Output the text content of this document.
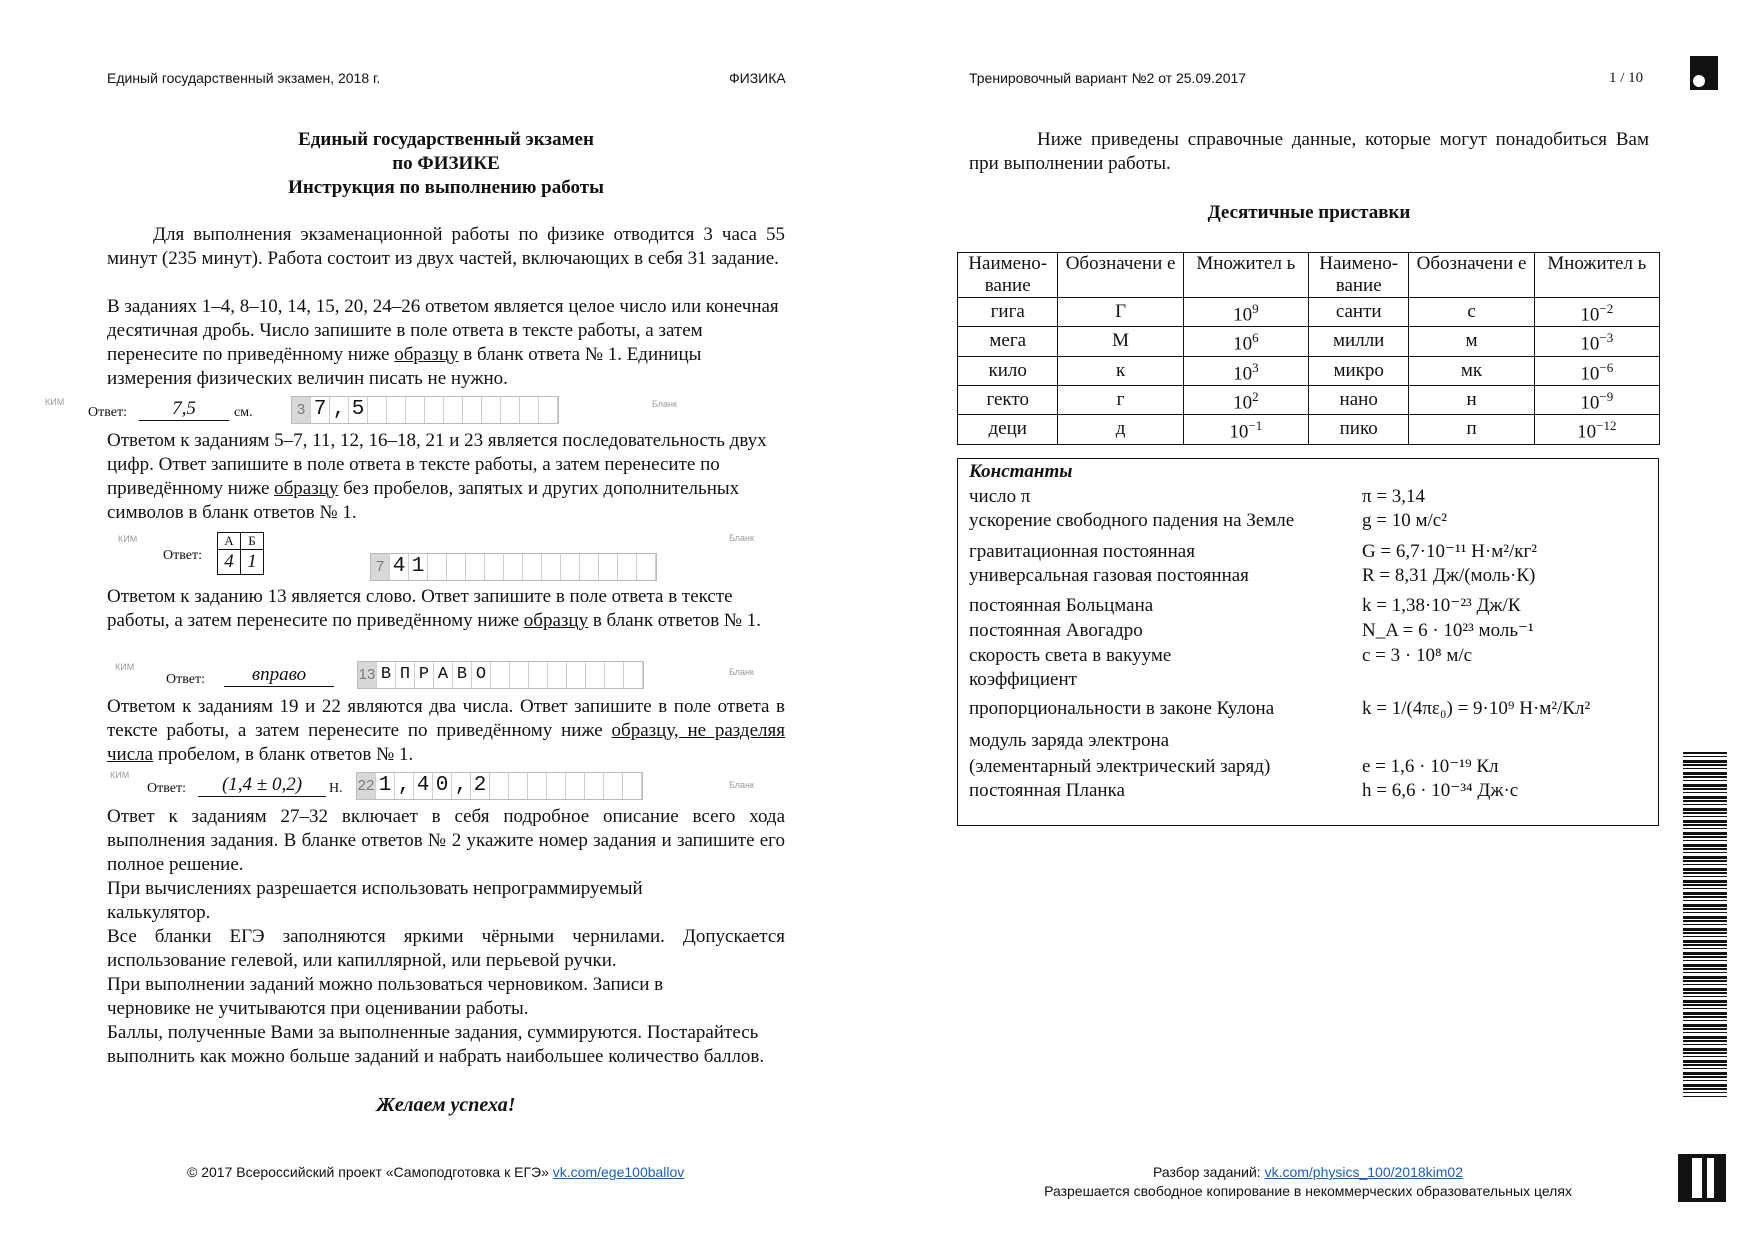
Единый государственный экзамен, 2018 г.	ФИЗИКА	Тренировочный вариант №2 от 25.09.2017	1 / 10
Единый государственный экзамен
по ФИЗИКЕ
Инструкция по выполнению работы
Для выполнения экзаменационной работы по физике отводится 3 часа 55 минут (235 минут). Работа состоит из двух частей, включающих в себя 31 задание.
В заданиях 1–4, 8–10, 14, 15, 20, 24–26 ответом является целое число или конечная десятичная дробь. Число запишите в поле ответа в тексте работы, а затем перенесите по приведённому ниже образцу в бланк ответа № 1. Единицы измерения физических величин писать не нужно.
КИМ
Ответ:	7,5	см.	3 7 , 5	Бланк
Ответом к заданиям 5–7, 11, 12, 16–18, 21 и 23 является последовательность двух цифр. Ответ запишите в поле ответа в тексте работы, а затем перенесите по приведённому ниже образцу без пробелов, запятых и других дополнительных символов в бланк ответов № 1.
КИМ
Ответ:
А	Б
4	1	7 4 1
Бланк
Ответом к заданию 13 является слово. Ответ запишите в поле ответа в тексте работы, а затем перенесите по приведённому ниже образцу в бланк ответов № 1.
КИМ
Ответ:	вправо	13 В П Р А В О	Бланк
Ответом к заданиям 19 и 22 являются два числа. Ответ запишите в поле ответа в тексте работы, а затем перенесите по приведённому ниже образцу, не разделяя числа пробелом, в бланк ответов № 1.
КИМ
Ответ:	(1,4 ± 0,2)	Н. 22 1 , 4 0 , 2	Бланк
Ответ к заданиям 27–32 включает в себя подробное описание всего хода выполнения задания. В бланке ответов № 2 укажите номер задания и запишите его полное решение.
При вычислениях разрешается использовать непрограммируемый калькулятор.
Все бланки ЕГЭ заполняются яркими чёрными чернилами. Допускается использование гелевой, или капиллярной, или перьевой ручки.
При выполнении заданий можно пользоваться черновиком. Записи в черновике не учитываются при оценивании работы.
Баллы, полученные Вами за выполненные задания, суммируются. Постарайтесь выполнить как можно больше заданий и набрать наибольшее количество баллов.
Желаем успеха!
Ниже приведены справочные данные, которые могут понадобиться Вам при выполнении работы.
Десятичные приставки
Наимено-вание	Обозначени е	Множител ь	Наимено-вание	Обозначени е	Множител ь
гига	Г	$10^9$	санти	с	$10^{-2}$
мега	М	$10^6$	милли	м	$10^{-3}$
кило	к	$10^3$	микро	мк	$10^{-6}$
гекто	г	$10^2$	нано	н	$10^{-9}$
деци	д	$10^{-1}$	пико	п	$10^{-12}$
Константы
число π	π = 3,14
ускорение свободного падения на Земле	g = 10 м/с²
гравитационная постоянная	G = 6,7·10⁻¹¹ Н·м²/кг²
универсальная газовая постоянная	R = 8,31 Дж/(моль·К)
постоянная Больцмана	k = 1,38·10⁻²³ Дж/К
постоянная Авогадро	N_A = 6 · 10²³ моль⁻¹
скорость света в вакууме	c = 3 · 10⁸ м/с
коэффициент
пропорциональности в законе Кулона	k = 1/(4πε₀) = 9·10⁹ Н·м²/Кл²
модуль заряда электрона
(элементарный электрический заряд)	e = 1,6 · 10⁻¹⁹ Кл
постоянная Планка	h = 6,6 · 10⁻³⁴ Дж·с
© 2017 Всероссийский проект «Самоподготовка к ЕГЭ» vk.com/ege100ballov	Разбор заданий: vk.com/physics_100/2018kim02
Разрешается свободное копирование в некоммерческих образовательных целях
